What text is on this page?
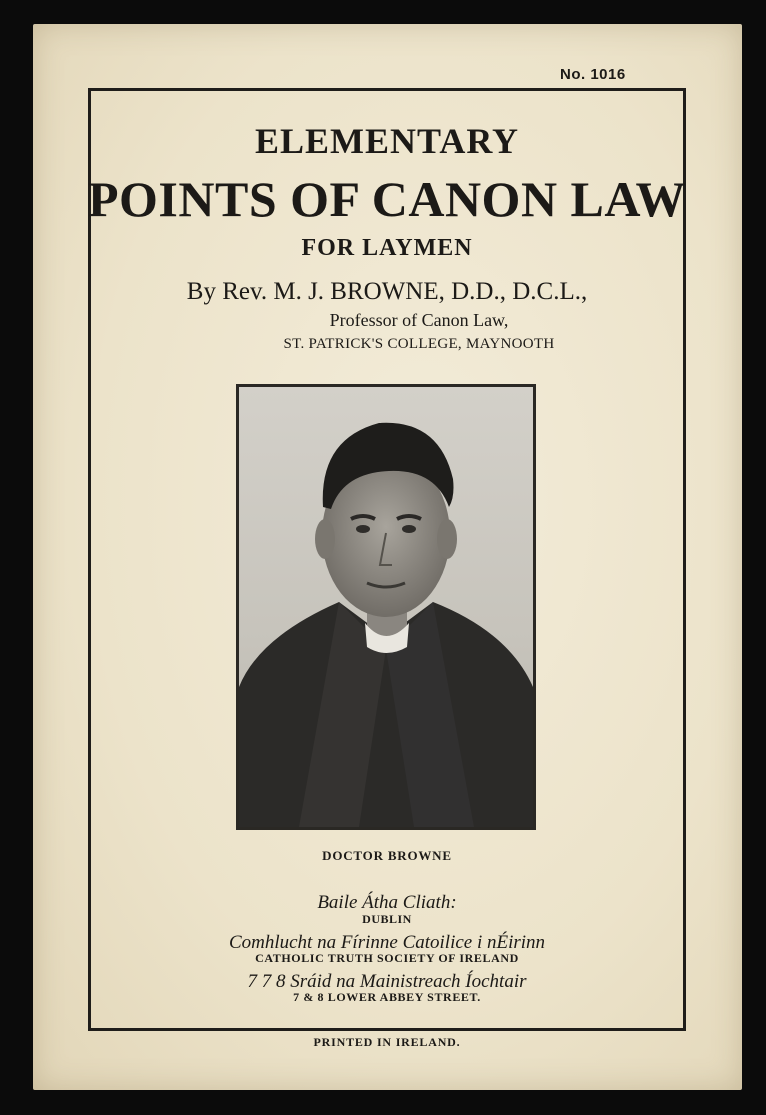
No. 1016
ELEMENTARY
POINTS OF CANON LAW
FOR LAYMEN
By Rev. M. J. BROWNE, D.D., D.C.L.,
Professor of Canon Law,
ST. PATRICK'S COLLEGE, MAYNOOTH
DOCTOR BROWNE
Baile Átha Cliath:
DUBLIN
Comhlucht na Fírinne Catoilice i nÉirinn
CATHOLIC TRUTH SOCIETY OF IRELAND
7 7 8 Sráid na Mainistreach Íochtair
7 & 8 LOWER ABBEY STREET.
PRINTED IN IRELAND.
